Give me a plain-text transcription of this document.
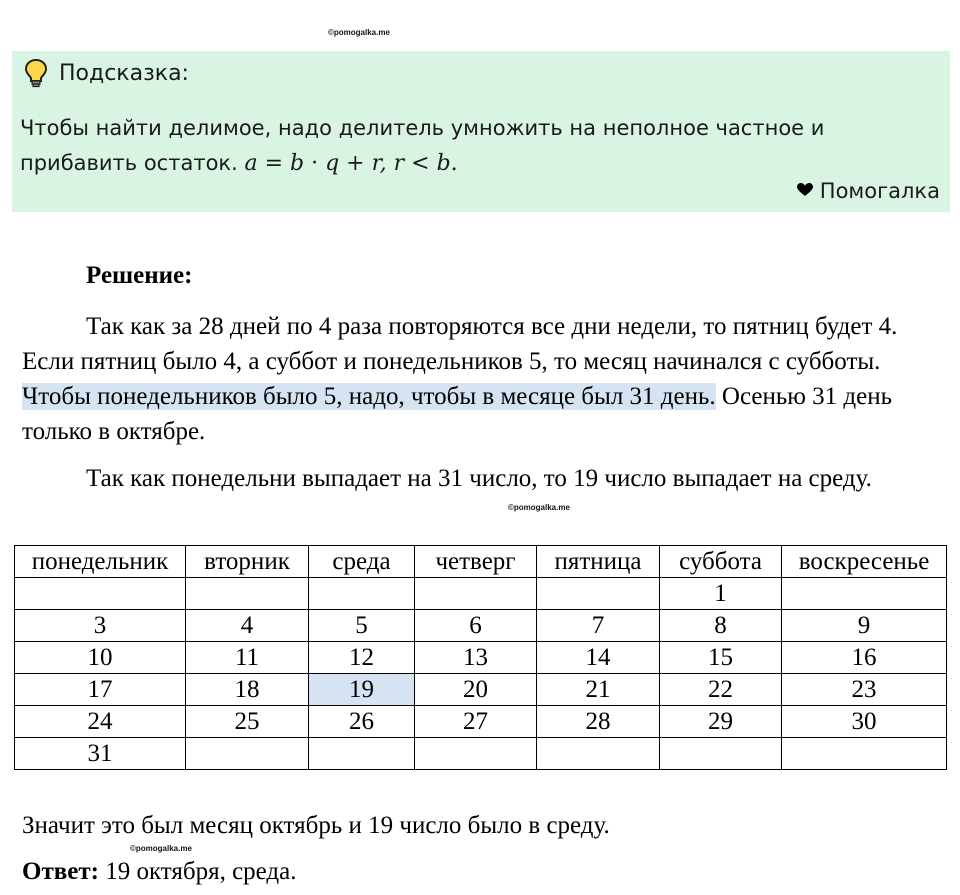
©pomogalka.me
Подсказка:
Чтобы найти делимое, надо делитель умножить на неполное частное и прибавить остаток. a = b · q + r, r < b.
Помогалка
Решение:

Так как за 28 дней по 4 раза повторяются все дни недели, то пятниц будет 4. Если пятниц было 4, а суббот и понедельников 5, то месяц начинался с субботы. Чтобы понедельников было 5, надо, чтобы в месяце был 31 день. Осенью 31 день только в октябре.

Так как понедельни выпадает на 31 число, то 19 число выпадает на среду.

©pomogalka.me
понедельник	вторник	среда	четверг	пятница	суббота	воскресенье
					1	
3	4	5	6	7	8	9
10	11	12	13	14	15	16
17	18	19	20	21	22	23
24	25	26	27	28	29	30
31						
Значит это был месяц октябрь и 19 число было в среду.
©pomogalka.me
Ответ: 19 октября, среда.
